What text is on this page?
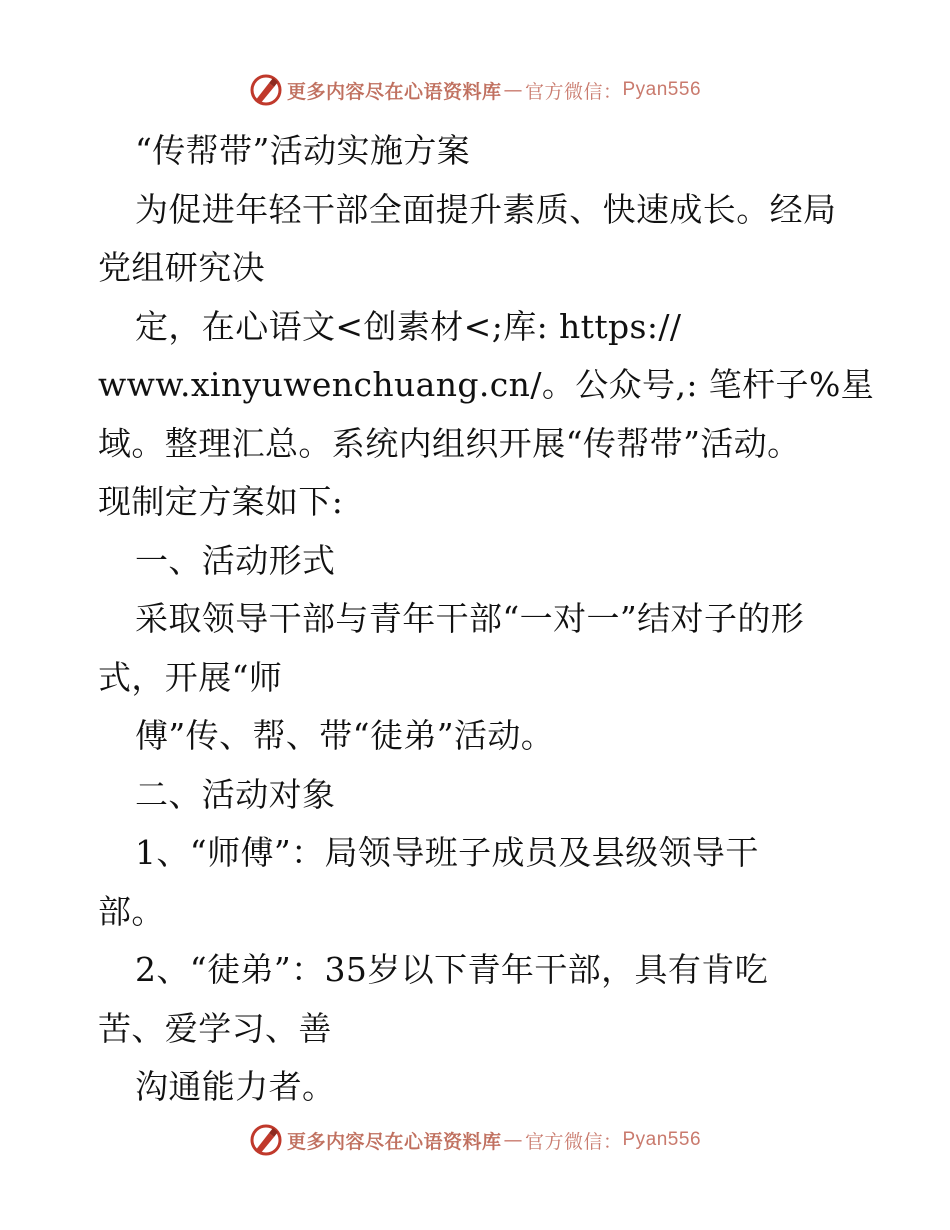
更多内容尽在心语资料库 — 官方微信： Pyan556
“传帮带”活动实施方案
为促进年轻干部全面提升素质、快速成长。经局
党组研究决
定，在心语文<创素材<;库: https://
www.xinyuwenchuang.cn/。公众号,: 笔杆子%星
域。整理汇总。系统内组织开展“传帮带”活动。
现制定方案如下:
一、活动形式
采取领导干部与青年干部“一对一”结对子的形
式，开展“师
傅”传、帮、带“徒弟”活动。
二、活动对象
1、“师傅”：局领导班子成员及县级领导干
部。
2、“徒弟”：35岁以下青年干部，具有肯吃
苦、爱学习、善
沟通能力者。
更多内容尽在心语资料库 — 官方微信： Pyan556
